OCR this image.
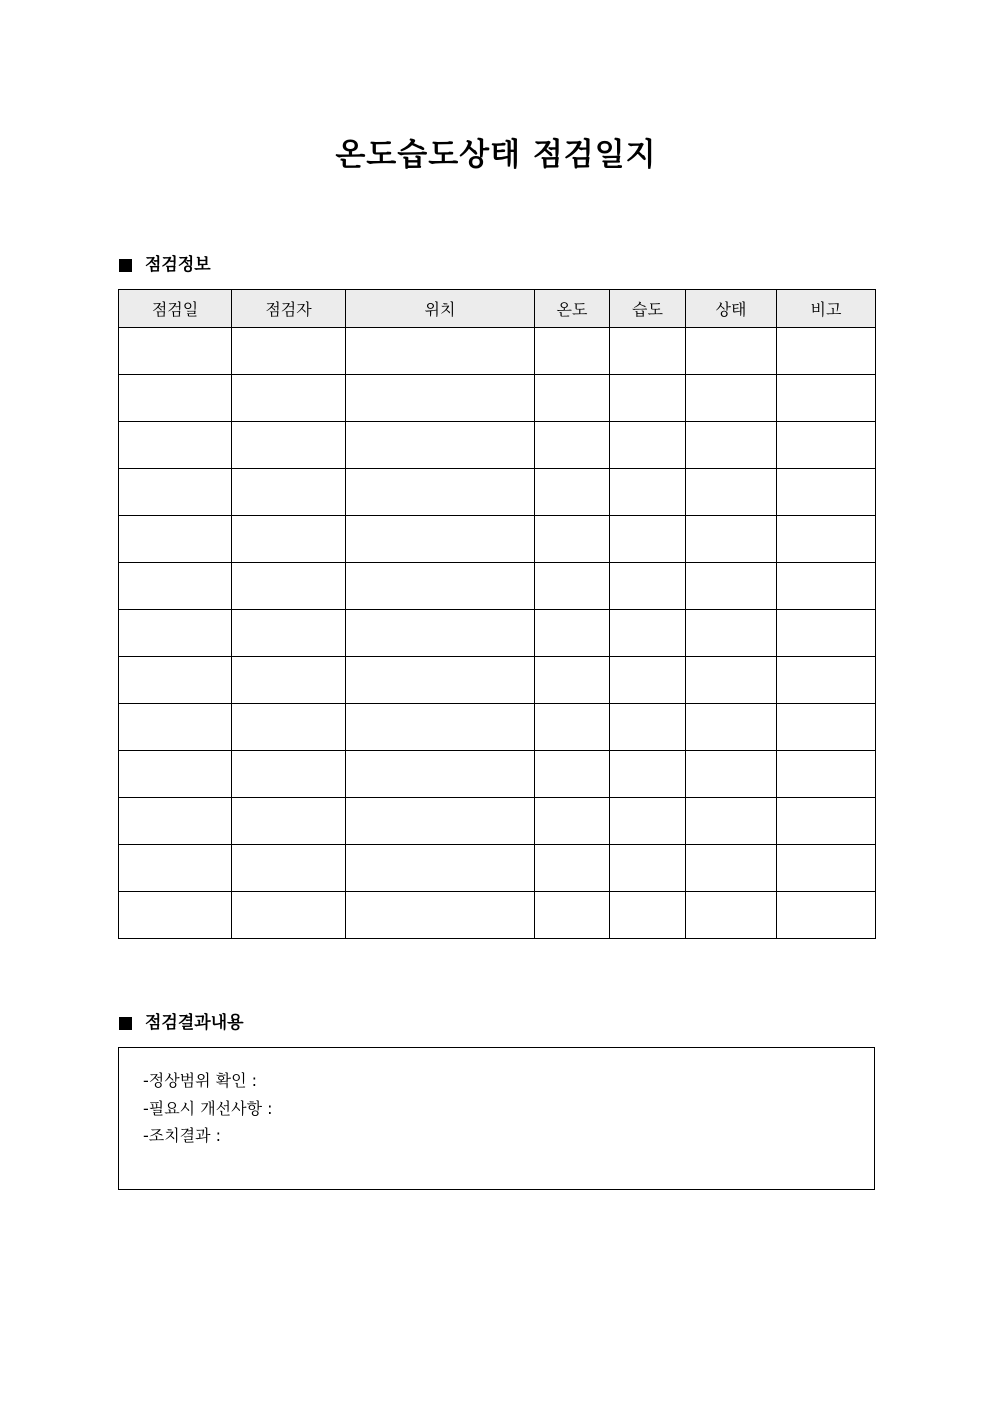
온도습도상태 점검일지
점검정보
점검일	점검자	위치	온도	습도	상태	비고

점검결과내용
-정상범위 확인 :
-필요시 개선사항 :
-조치결과 :
